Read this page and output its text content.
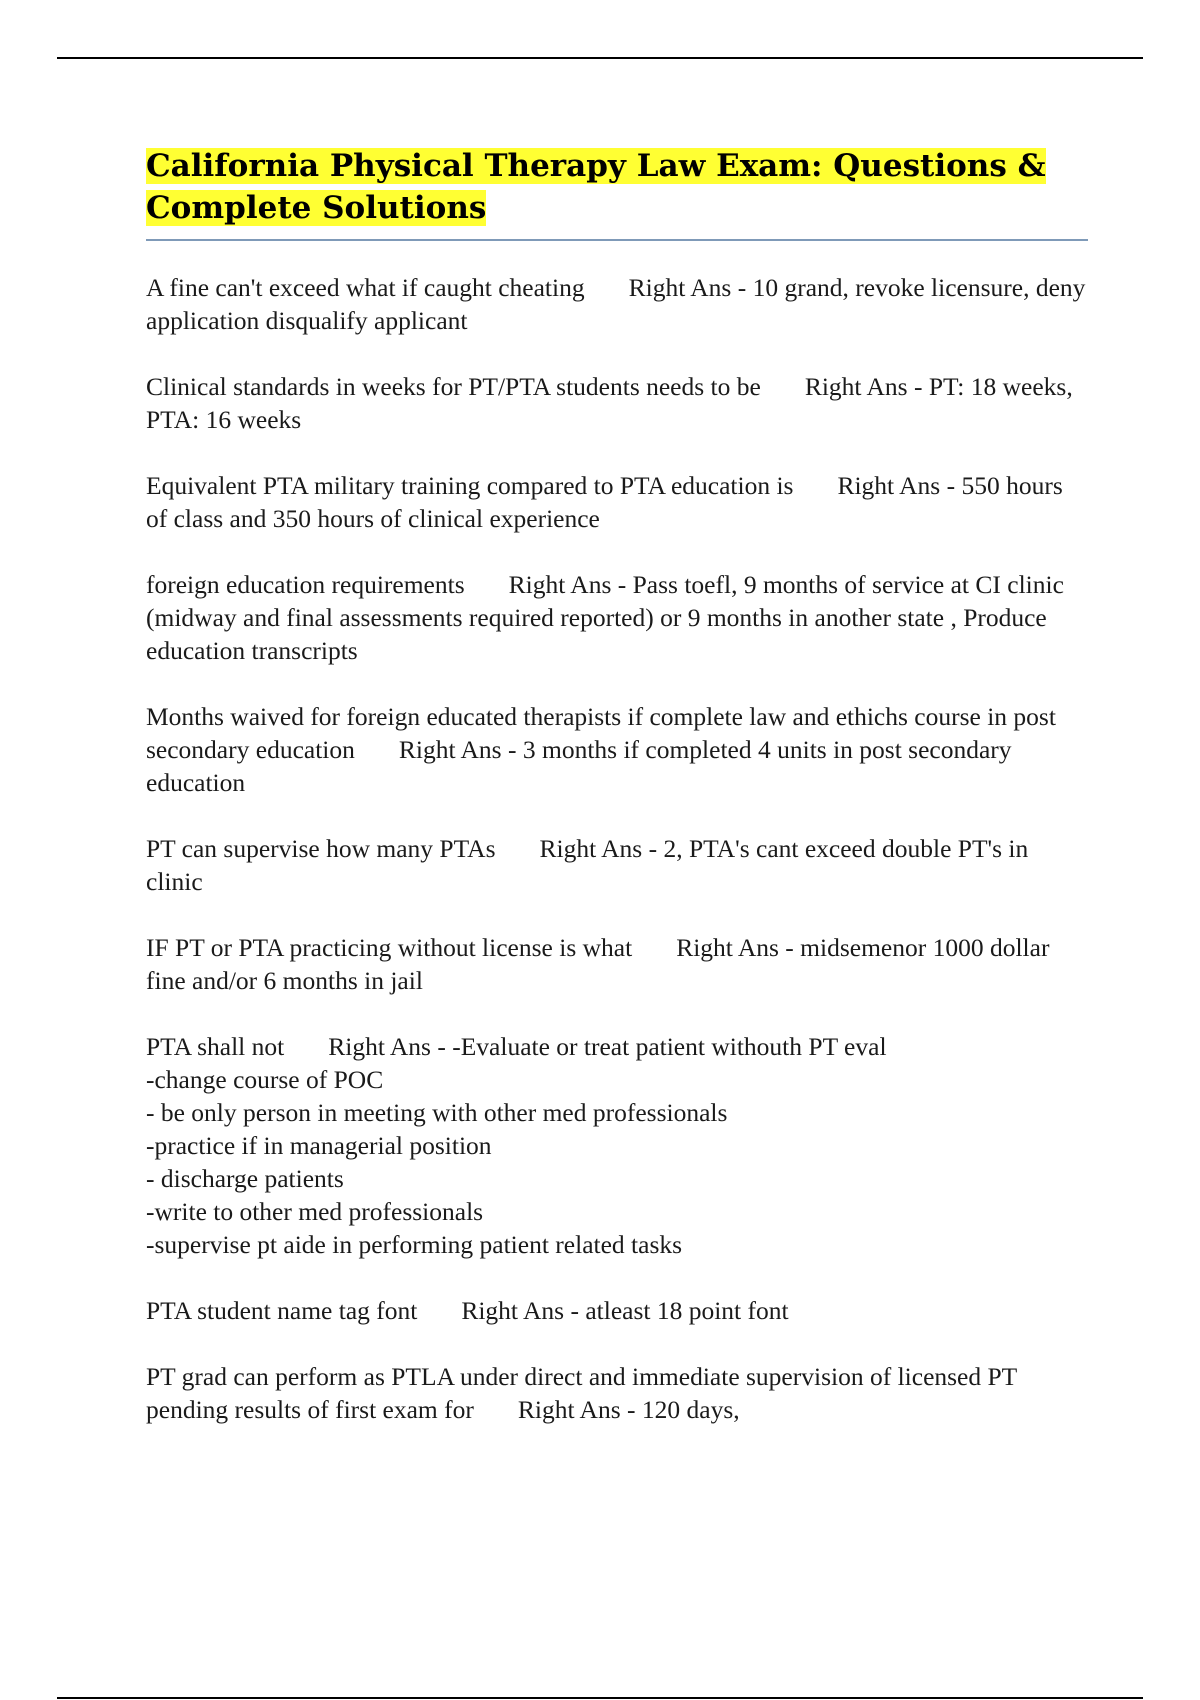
California Physical Therapy Law Exam: Questions & Complete Solutions

A fine can't exceed what if caught cheating Right Ans - 10 grand, revoke licensure, deny application disqualify applicant

Clinical standards in weeks for PT/PTA students needs to be Right Ans - PT: 18 weeks, PTA: 16 weeks

Equivalent PTA military training compared to PTA education is Right Ans - 550 hours of class and 350 hours of clinical experience

foreign education requirements Right Ans - Pass toefl, 9 months of service at CI clinic (midway and final assessments required reported) or 9 months in another state , Produce education transcripts

Months waived for foreign educated therapists if complete law and ethichs course in post secondary education Right Ans - 3 months if completed 4 units in post secondary education

PT can supervise how many PTAs Right Ans - 2, PTA's cant exceed double PT's in clinic

IF PT or PTA practicing without license is what Right Ans - midsemenor 1000 dollar fine and/or 6 months in jail

PTA shall not Right Ans - -Evaluate or treat patient withouth PT eval
-change course of POC
- be only person in meeting with other med professionals
-practice if in managerial position
- discharge patients
-write to other med professionals
-supervise pt aide in performing patient related tasks

PTA student name tag font Right Ans - atleast 18 point font

PT grad can perform as PTLA under direct and immediate supervision of licensed PT pending results of first exam for Right Ans - 120 days,
